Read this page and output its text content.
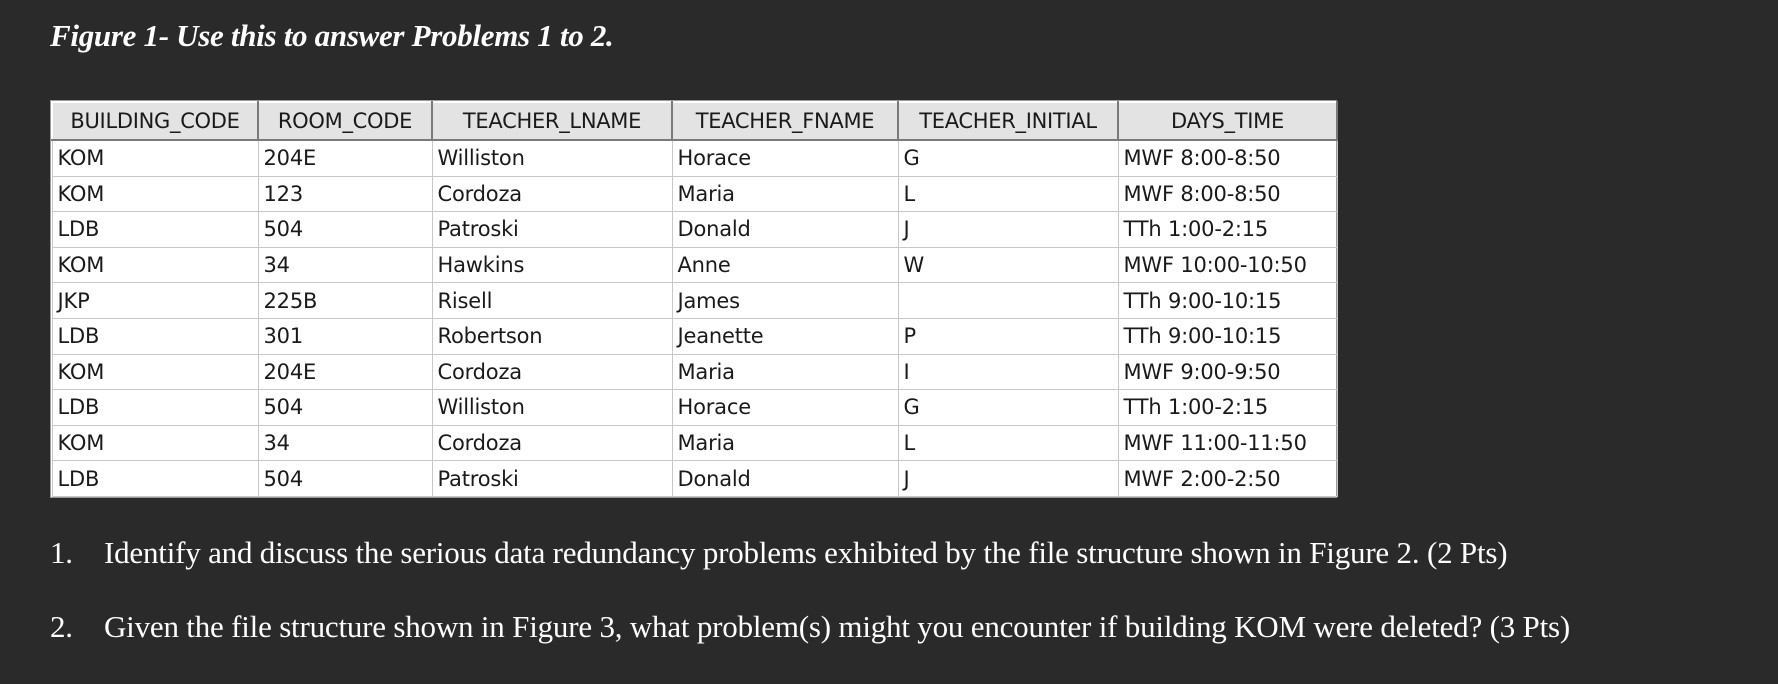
Figure 1- Use this to answer Problems 1 to 2.
BUILDING_CODE	ROOM_CODE	TEACHER_LNAME	TEACHER_FNAME	TEACHER_INITIAL	DAYS_TIME
KOM	204E	Williston	Horace	G	MWF 8:00-8:50
KOM	123	Cordoza	Maria	L	MWF 8:00-8:50
LDB	504	Patroski	Donald	J	TTh 1:00-2:15
KOM	34	Hawkins	Anne	W	MWF 10:00-10:50
JKP	225B	Risell	James		TTh 9:00-10:15
LDB	301	Robertson	Jeanette	P	TTh 9:00-10:15
KOM	204E	Cordoza	Maria	I	MWF 9:00-9:50
LDB	504	Williston	Horace	G	TTh 1:00-2:15
KOM	34	Cordoza	Maria	L	MWF 11:00-11:50
LDB	504	Patroski	Donald	J	MWF 2:00-2:50
1. Identify and discuss the serious data redundancy problems exhibited by the file structure shown in Figure 2. (2 Pts)
2. Given the file structure shown in Figure 3, what problem(s) might you encounter if building KOM were deleted? (3 Pts)
